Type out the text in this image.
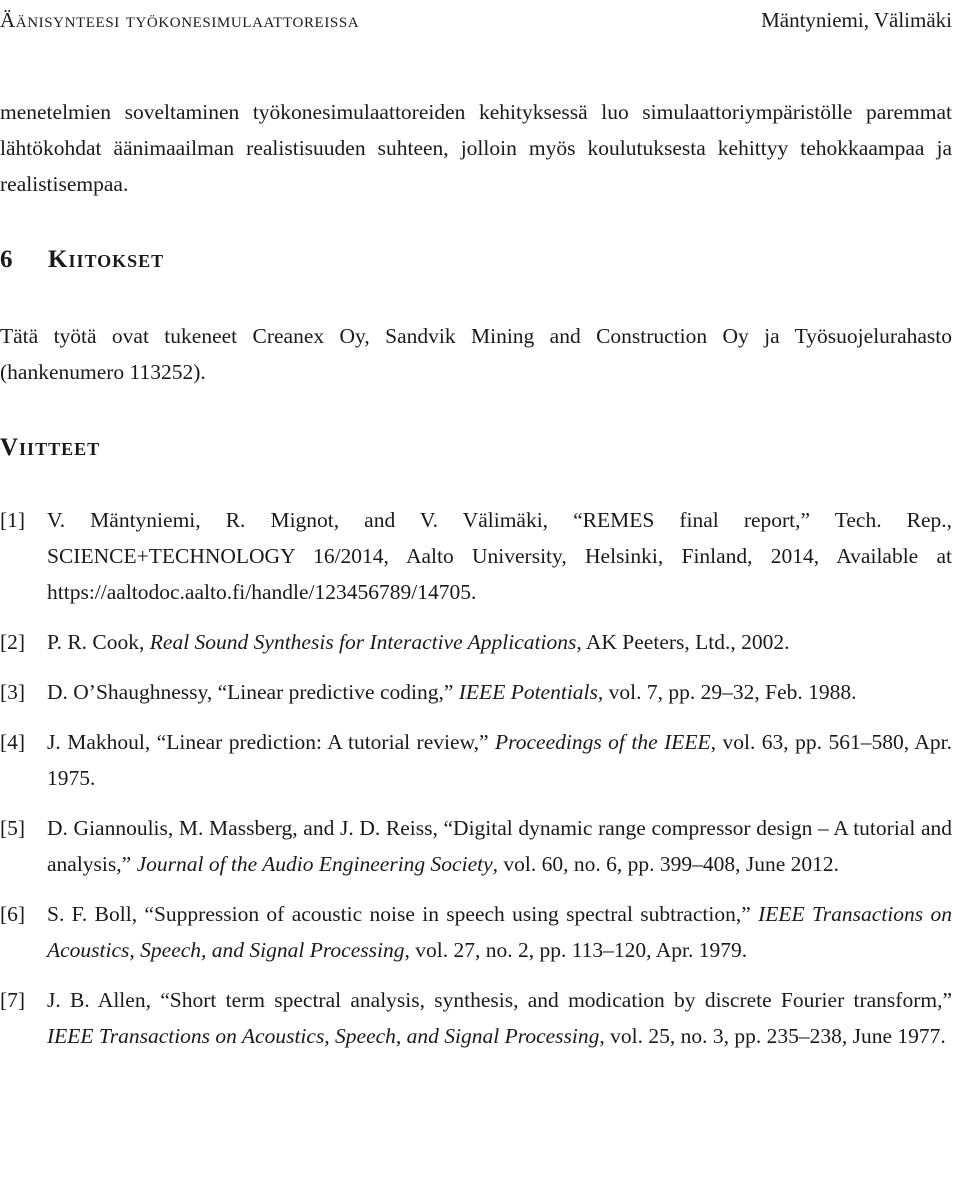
Äänisynteesi työkonesimulaattoreissa	Mäntyniemi, Välimäki

menetelmien soveltaminen työkonesimulaattoreiden kehityksessä luo simulaattoriympäristölle paremmat lähtökohdat äänimaailman realistisuuden suhteen, jolloin myös koulutuksesta kehittyy tehokkaampaa ja realistisempaa.

6 Kiitokset

Tätä työtä ovat tukeneet Creanex Oy, Sandvik Mining and Construction Oy ja Työsuojelurahasto (hankenumero 113252).

Viitteet
[1] V. Mäntyniemi, R. Mignot, and V. Välimäki, “REMES final report,” Tech. Rep., SCIENCE+TECHNOLOGY 16/2014, Aalto University, Helsinki, Finland, 2014, Available at https://aaltodoc.aalto.fi/handle/123456789/14705.
[2] P. R. Cook, Real Sound Synthesis for Interactive Applications, AK Peeters, Ltd., 2002.
[3] D. O’Shaughnessy, “Linear predictive coding,” IEEE Potentials, vol. 7, pp. 29–32, Feb. 1988.
[4] J. Makhoul, “Linear prediction: A tutorial review,” Proceedings of the IEEE, vol. 63, pp. 561–580, Apr. 1975.
[5] D. Giannoulis, M. Massberg, and J. D. Reiss, “Digital dynamic range compressor design – A tutorial and analysis,” Journal of the Audio Engineering Society, vol. 60, no. 6, pp. 399–408, June 2012.
[6] S. F. Boll, “Suppression of acoustic noise in speech using spectral subtraction,” IEEE Transactions on Acoustics, Speech, and Signal Processing, vol. 27, no. 2, pp. 113–120, Apr. 1979.
[7] J. B. Allen, “Short term spectral analysis, synthesis, and modication by discrete Fourier transform,” IEEE Transactions on Acoustics, Speech, and Signal Processing, vol. 25, no. 3, pp. 235–238, June 1977.
